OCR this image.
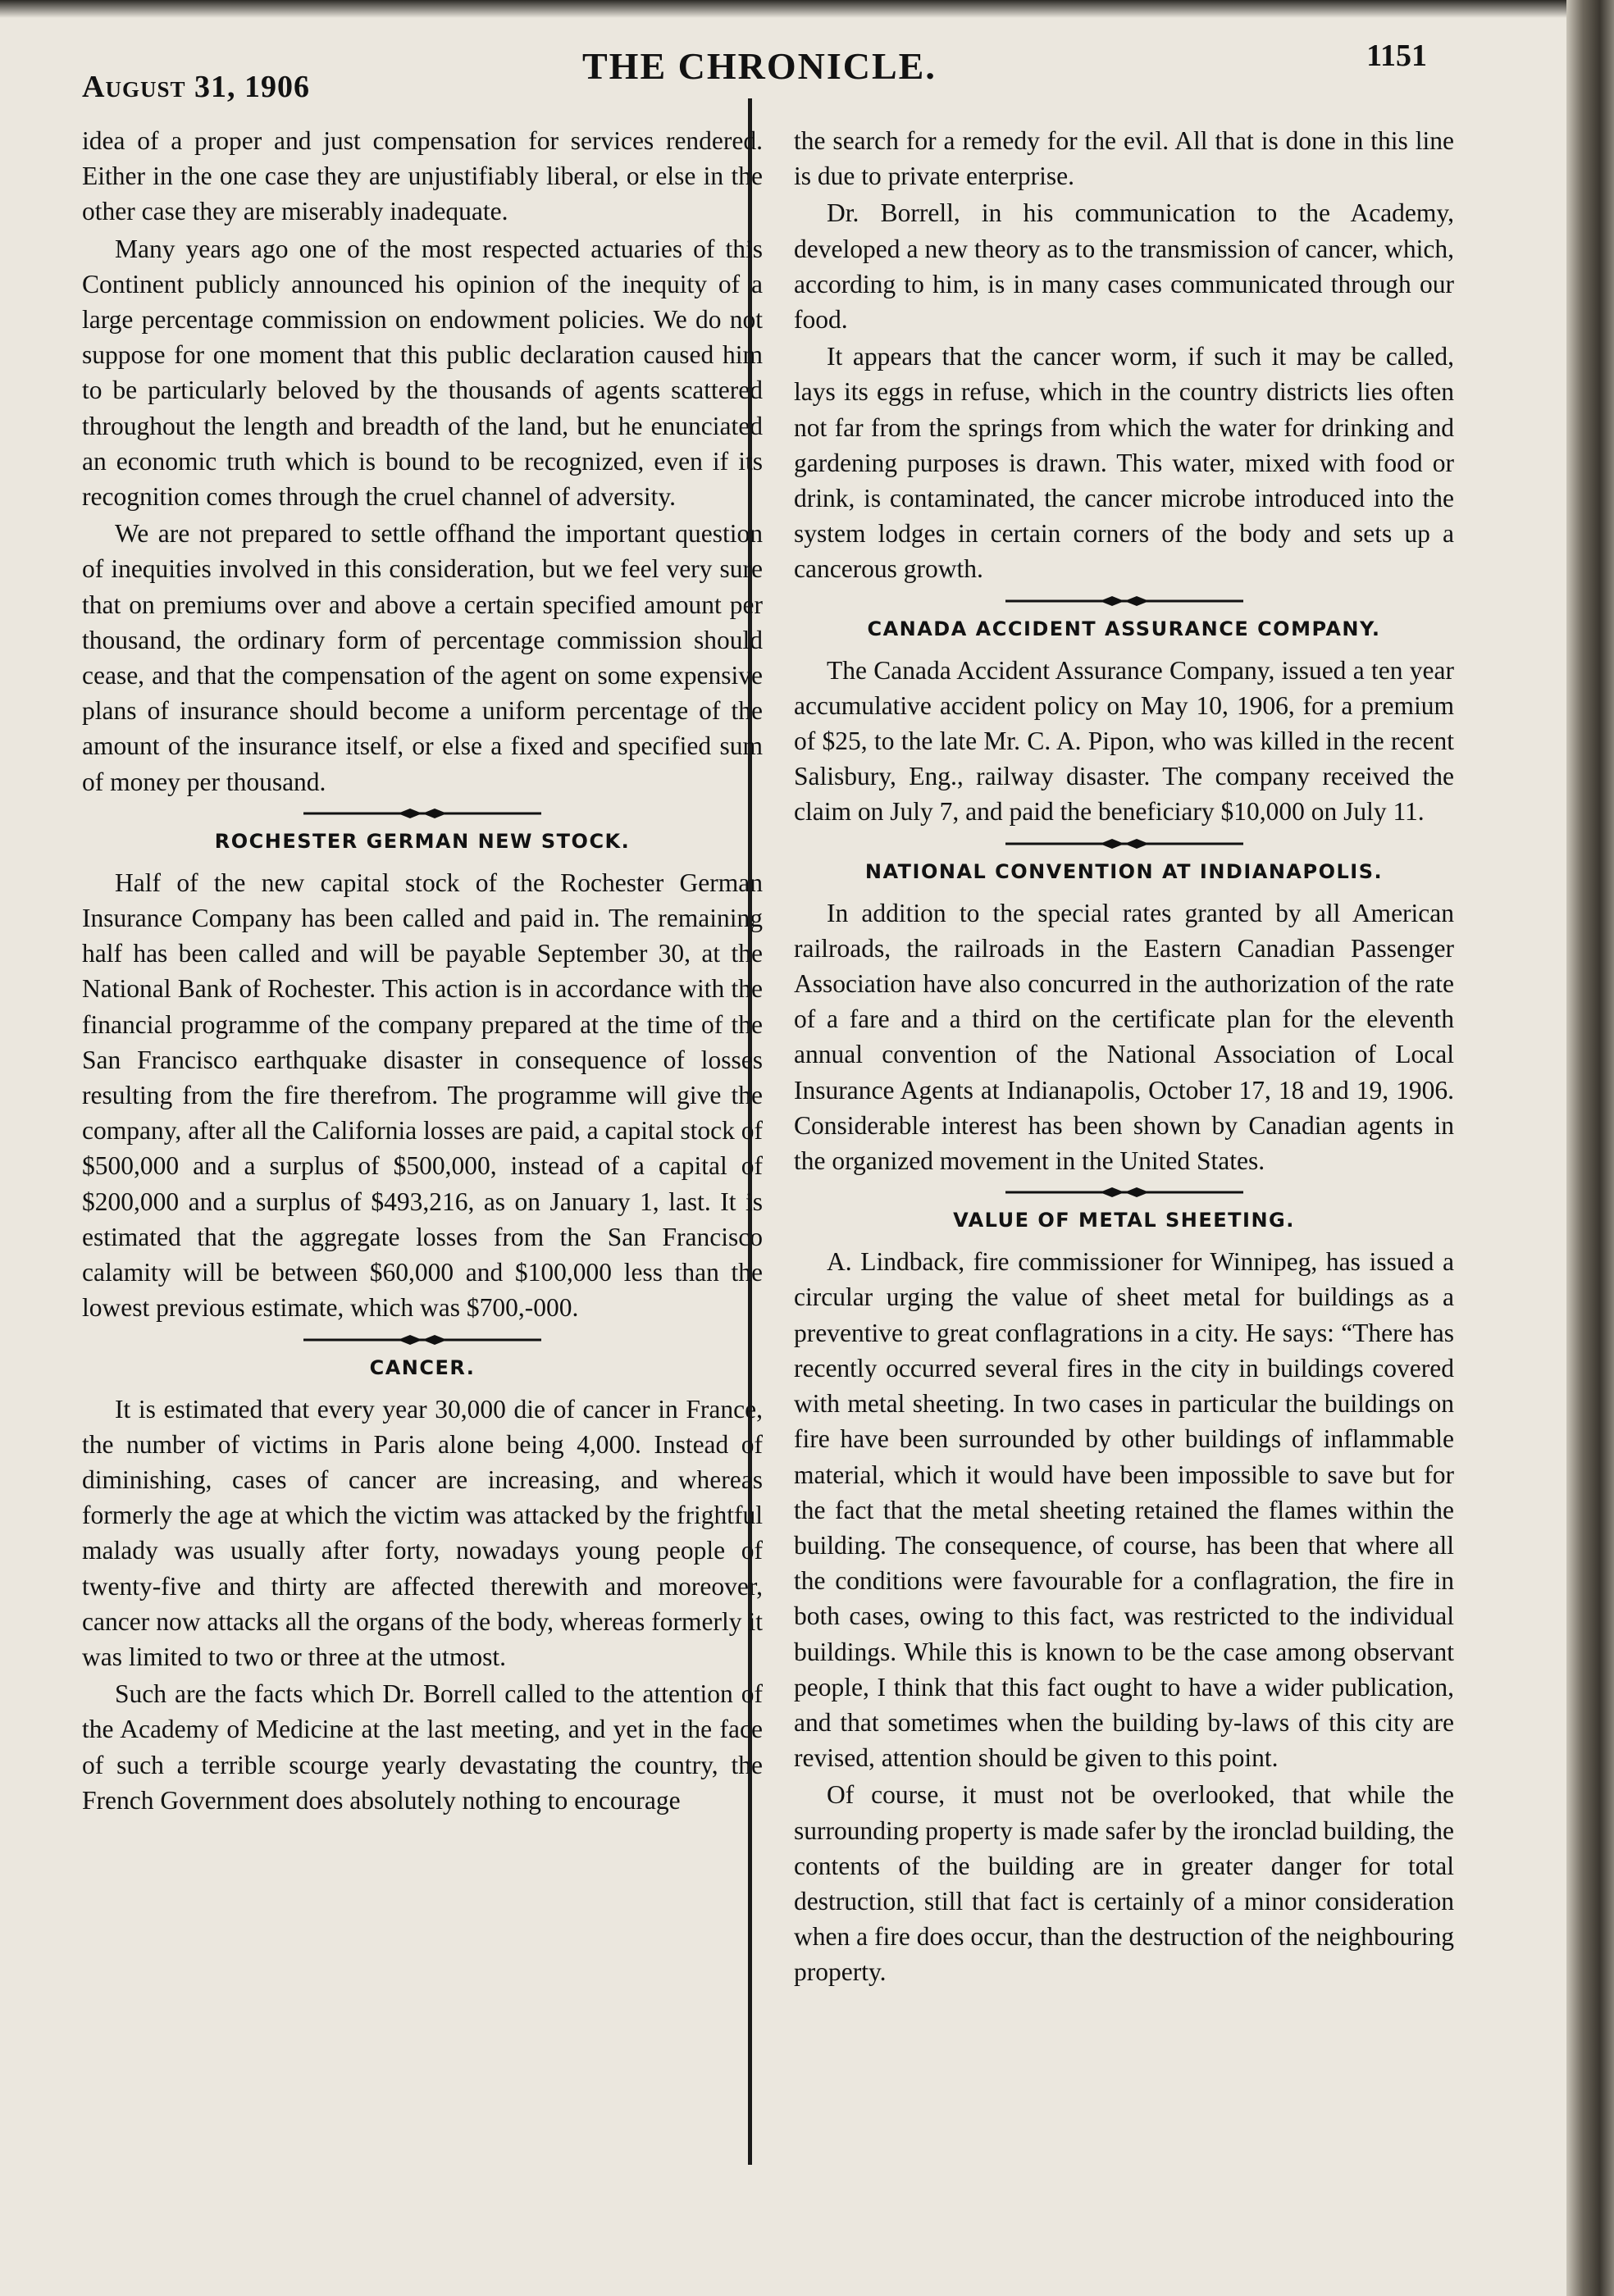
August 31, 1906	THE CHRONICLE.	1151

idea of a proper and just compensation for services rendered. Either in the one case they are unjustifiably liberal, or else in the other case they are miserably inadequate.

Many years ago one of the most respected actuaries of this Continent publicly announced his opinion of the inequity of a large percentage commission on endowment policies. We do not suppose for one moment that this public declaration caused him to be particularly beloved by the thousands of agents scattered throughout the length and breadth of the land, but he enunciated an economic truth which is bound to be recognized, even if its recognition comes through the cruel channel of adversity.

We are not prepared to settle offhand the important question of inequities involved in this consideration, but we feel very sure that on premiums over and above a certain specified amount per thousand, the ordinary form of percentage commission should cease, and that the compensation of the agent on some expensive plans of insurance should become a uniform percentage of the amount of the insurance itself, or else a fixed and specified sum of money per thousand.

ROCHESTER GERMAN NEW STOCK.

Half of the new capital stock of the Rochester German Insurance Company has been called and paid in. The remaining half has been called and will be payable September 30, at the National Bank of Rochester. This action is in accordance with the financial programme of the company prepared at the time of the San Francisco earthquake disaster in consequence of losses resulting from the fire therefrom. The programme will give the company, after all the California losses are paid, a capital stock of $500,000 and a surplus of $500,000, instead of a capital of $200,000 and a surplus of $493,216, as on January 1, last. It is estimated that the aggregate losses from the San Francisco calamity will be between $60,000 and $100,000 less than the lowest previous estimate, which was $700,-000.

CANCER.

It is estimated that every year 30,000 die of cancer in France, the number of victims in Paris alone being 4,000. Instead of diminishing, cases of cancer are increasing, and whereas formerly the age at which the victim was attacked by the frightful malady was usually after forty, nowadays young people of twenty-five and thirty are affected therewith and moreover, cancer now attacks all the organs of the body, whereas formerly it was limited to two or three at the utmost.

Such are the facts which Dr. Borrell called to the attention of the Academy of Medicine at the last meeting, and yet in the face of such a terrible scourge yearly devastating the country, the French Government does absolutely nothing to encourage

the search for a remedy for the evil. All that is done in this line is due to private enterprise.

Dr. Borrell, in his communication to the Academy, developed a new theory as to the transmission of cancer, which, according to him, is in many cases communicated through our food.

It appears that the cancer worm, if such it may be called, lays its eggs in refuse, which in the country districts lies often not far from the springs from which the water for drinking and gardening purposes is drawn. This water, mixed with food or drink, is contaminated, the cancer microbe introduced into the system lodges in certain corners of the body and sets up a cancerous growth.

CANADA ACCIDENT ASSURANCE COMPANY.

The Canada Accident Assurance Company, issued a ten year accumulative accident policy on May 10, 1906, for a premium of $25, to the late Mr. C. A. Pipon, who was killed in the recent Salisbury, Eng., railway disaster. The company received the claim on July 7, and paid the beneficiary $10,000 on July 11.

NATIONAL CONVENTION AT INDIANAPOLIS.

In addition to the special rates granted by all American railroads, the railroads in the Eastern Canadian Passenger Association have also concurred in the authorization of the rate of a fare and a third on the certificate plan for the eleventh annual convention of the National Association of Local Insurance Agents at Indianapolis, October 17, 18 and 19, 1906. Considerable interest has been shown by Canadian agents in the organized movement in the United States.

VALUE OF METAL SHEETING.

A. Lindback, fire commissioner for Winnipeg, has issued a circular urging the value of sheet metal for buildings as a preventive to great conflagrations in a city. He says: “There has recently occurred several fires in the city in buildings covered with metal sheeting. In two cases in particular the buildings on fire have been surrounded by other buildings of inflammable material, which it would have been impossible to save but for the fact that the metal sheeting retained the flames within the building. The consequence, of course, has been that where all the conditions were favourable for a conflagration, the fire in both cases, owing to this fact, was restricted to the individual buildings. While this is known to be the case among observant people, I think that this fact ought to have a wider publication, and that sometimes when the building by-laws of this city are revised, attention should be given to this point.

Of course, it must not be overlooked, that while the surrounding property is made safer by the ironclad building, the contents of the building are in greater danger for total destruction, still that fact is certainly of a minor consideration when a fire does occur, than the destruction of the neighbouring property.
